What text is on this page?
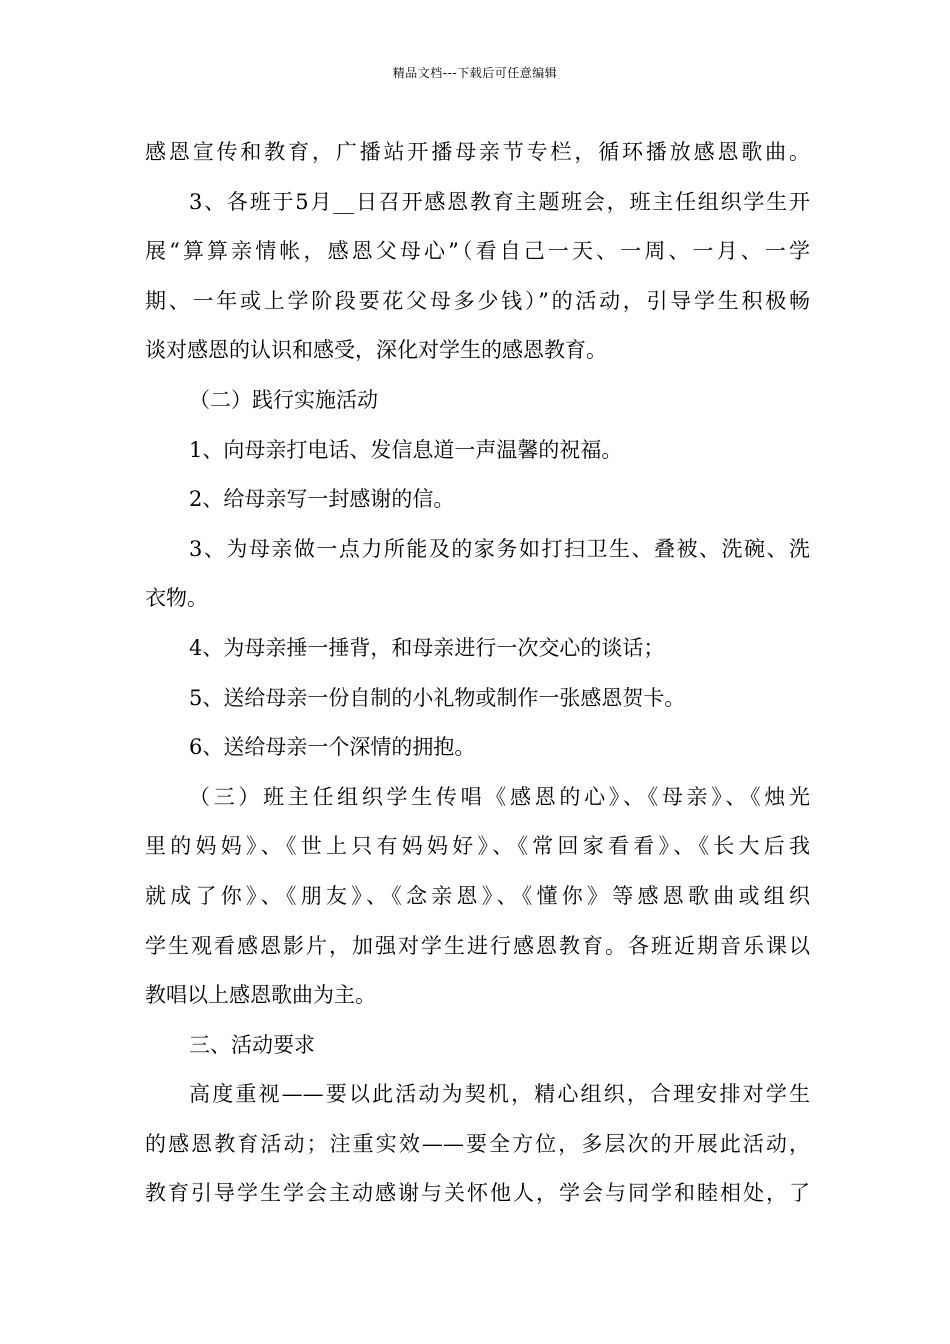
精品文档---下载后可任意编辑
感恩宣传和教育，广播站开播母亲节专栏，循环播放感恩歌曲。
3、各班于5月__日召开感恩教育主题班会，班主任组织学生开
展“算算亲情帐，感恩父母心”（看自己一天、一周、一月、一学
期、一年或上学阶段要花父母多少钱）”的活动，引导学生积极畅
谈对感恩的认识和感受，深化对学生的感恩教育。
（二）践行实施活动
1、向母亲打电话、发信息道一声温馨的祝福。
2、给母亲写一封感谢的信。
3、为母亲做一点力所能及的家务如打扫卫生、叠被、洗碗、洗
衣物。
4、为母亲捶一捶背，和母亲进行一次交心的谈话；
5、送给母亲一份自制的小礼物或制作一张感恩贺卡。
6、送给母亲一个深情的拥抱。
（三）班主任组织学生传唱《感恩的心》、《母亲》、《烛光
里的妈妈》、《世上只有妈妈好》、《常回家看看》、《长大后我
就成了你》、《朋友》、《念亲恩》、《懂你》等感恩歌曲或组织
学生观看感恩影片，加强对学生进行感恩教育。各班近期音乐课以
教唱以上感恩歌曲为主。
三、活动要求
高度重视——要以此活动为契机，精心组织，合理安排对学生
的感恩教育活动；注重实效——要全方位，多层次的开展此活动，
教育引导学生学会主动感谢与关怀他人，学会与同学和睦相处，了
